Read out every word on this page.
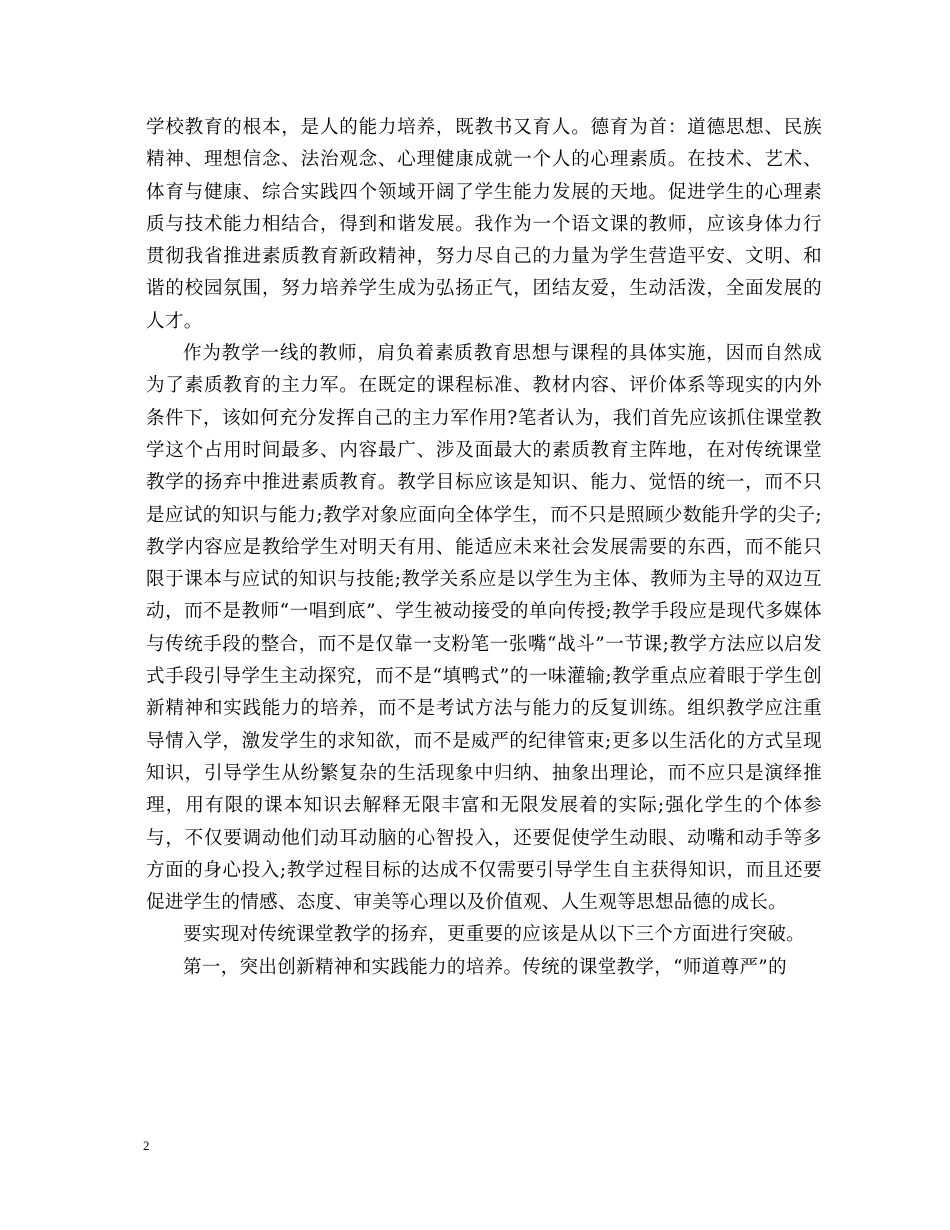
学校教育的根本，是人的能力培养，既教书又育人。德育为首：道德思想、民族精神、理想信念、法治观念、心理健康成就一个人的心理素质。在技术、艺术、体育与健康、综合实践四个领域开阔了学生能力发展的天地。促进学生的心理素质与技术能力相结合，得到和谐发展。我作为一个语文课的教师，应该身体力行贯彻我省推进素质教育新政精神，努力尽自己的力量为学生营造平安、文明、和谐的校园氛围，努力培养学生成为弘扬正气，团结友爱，生动活泼，全面发展的人才。

作为教学一线的教师，肩负着素质教育思想与课程的具体实施，因而自然成为了素质教育的主力军。在既定的课程标准、教材内容、评价体系等现实的内外条件下，该如何充分发挥自己的主力军作用?笔者认为，我们首先应该抓住课堂教学这个占用时间最多、内容最广、涉及面最大的素质教育主阵地，在对传统课堂教学的扬弃中推进素质教育。教学目标应该是知识、能力、觉悟的统一，而不只是应试的知识与能力;教学对象应面向全体学生，而不只是照顾少数能升学的尖子;教学内容应是教给学生对明天有用、能适应未来社会发展需要的东西，而不能只限于课本与应试的知识与技能;教学关系应是以学生为主体、教师为主导的双边互动，而不是教师“一唱到底”、学生被动接受的单向传授;教学手段应是现代多媒体与传统手段的整合，而不是仅靠一支粉笔一张嘴“战斗”一节课;教学方法应以启发式手段引导学生主动探究，而不是“填鸭式”的一味灌输;教学重点应着眼于学生创新精神和实践能力的培养，而不是考试方法与能力的反复训练。组织教学应注重导情入学，激发学生的求知欲，而不是威严的纪律管束;更多以生活化的方式呈现知识，引导学生从纷繁复杂的生活现象中归纳、抽象出理论，而不应只是演绎推理，用有限的课本知识去解释无限丰富和无限发展着的实际;强化学生的个体参与，不仅要调动他们动耳动脑的心智投入，还要促使学生动眼、动嘴和动手等多方面的身心投入;教学过程目标的达成不仅需要引导学生自主获得知识，而且还要促进学生的情感、态度、审美等心理以及价值观、人生观等思想品德的成长。

要实现对传统课堂教学的扬弃，更重要的应该是从以下三个方面进行突破。

第一，突出创新精神和实践能力的培养。传统的课堂教学，“师道尊严”的

2
